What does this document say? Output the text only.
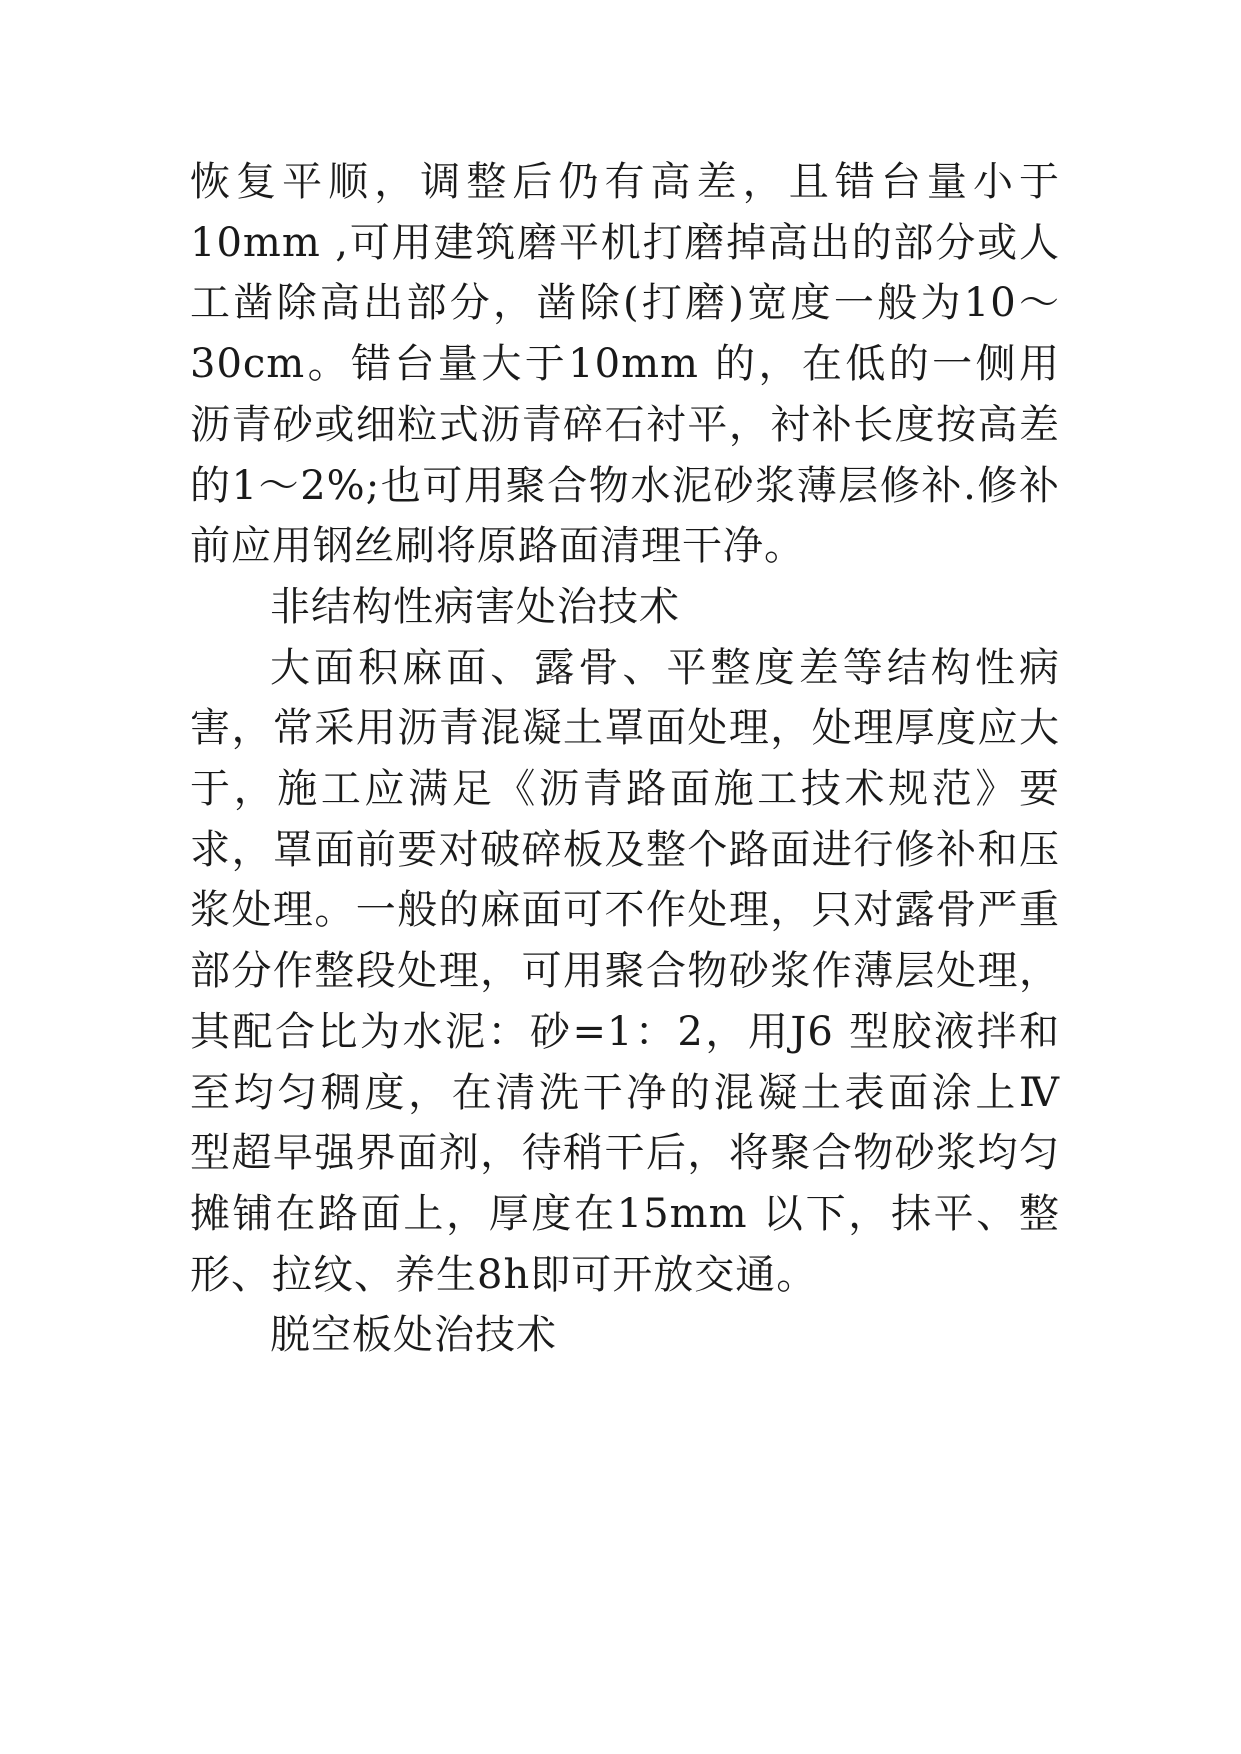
恢复平顺，调整后仍有高差，且错台量小于10mm ,可用建筑磨平机打磨掉高出的部分或人工凿除高出部分，凿除(打磨)宽度一般为10～30cm。错台量大于10mm 的，在低的一侧用沥青砂或细粒式沥青碎石衬平，衬补长度按高差的1～2%;也可用聚合物水泥砂浆薄层修补.修补前应用钢丝刷将原路面清理干净。

非结构性病害处治技术

大面积麻面、露骨、平整度差等结构性病害，常采用沥青混凝土罩面处理，处理厚度应大于，施工应满足《沥青路面施工技术规范》要求，罩面前要对破碎板及整个路面进行修补和压浆处理。一般的麻面可不作处理，只对露骨严重部分作整段处理，可用聚合物砂浆作薄层处理，其配合比为水泥：砂=1：2，用J6 型胶液拌和至均匀稠度，在清洗干净的混凝土表面涂上Ⅳ 型超早强界面剂，待稍干后，将聚合物砂浆均匀摊铺在路面上，厚度在15mm 以下，抹平、整形、拉纹、养生8h即可开放交通。

脱空板处治技术
